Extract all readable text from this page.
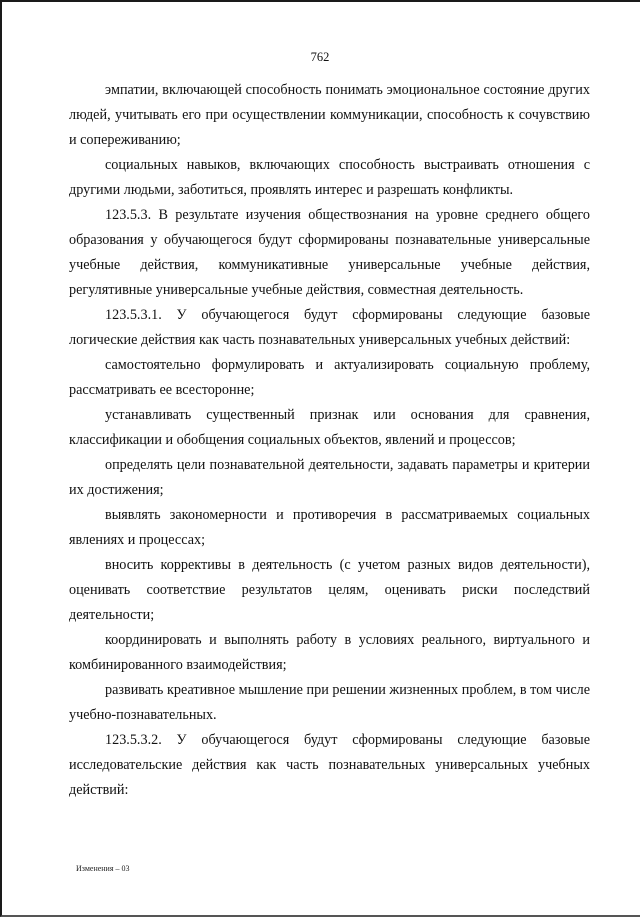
762

эмпатии, включающей способность понимать эмоциональное состояние других людей, учитывать его при осуществлении коммуникации, способность к сочувствию и сопереживанию;

социальных навыков, включающих способность выстраивать отношения с другими людьми, заботиться, проявлять интерес и разрешать конфликты.

123.5.3. В результате изучения обществознания на уровне среднего общего образования у обучающегося будут сформированы познавательные универсальные учебные действия, коммуникативные универсальные учебные действия, регулятивные универсальные учебные действия, совместная деятельность.

123.5.3.1. У обучающегося будут сформированы следующие базовые логические действия как часть познавательных универсальных учебных действий:

самостоятельно формулировать и актуализировать социальную проблему, рассматривать ее всесторонне;

устанавливать существенный признак или основания для сравнения, классификации и обобщения социальных объектов, явлений и процессов;

определять цели познавательной деятельности, задавать параметры и критерии их достижения;

выявлять закономерности и противоречия в рассматриваемых социальных явлениях и процессах;

вносить коррективы в деятельность (с учетом разных видов деятельности), оценивать соответствие результатов целям, оценивать риски последствий деятельности;

координировать и выполнять работу в условиях реального, виртуального и комбинированного взаимодействия;

развивать креативное мышление при решении жизненных проблем, в том числе учебно-познавательных.

123.5.3.2. У обучающегося будут сформированы следующие базовые исследовательские действия как часть познавательных универсальных учебных действий:

Изменения – 03
